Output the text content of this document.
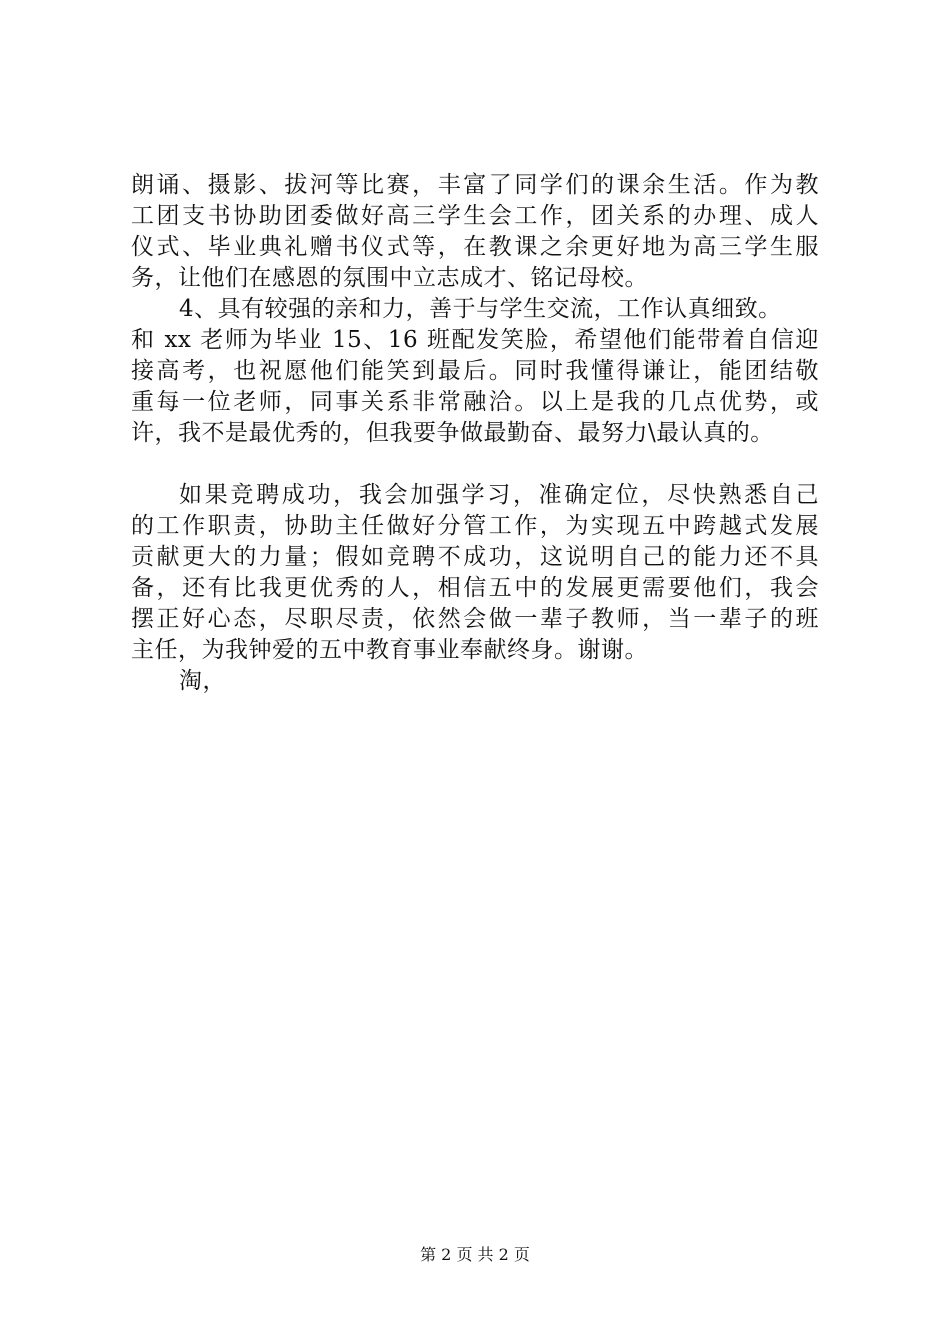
朗诵、摄影、拔河等比赛，丰富了同学们的课余生活。作为教
工团支书协助团委做好高三学生会工作，团关系的办理、成人
仪式、毕业典礼赠书仪式等，在教课之余更好地为高三学生服
务，让他们在感恩的氛围中立志成才、铭记母校。
4、具有较强的亲和力，善于与学生交流，工作认真细致。
和 xx 老师为毕业 15、16 班配发笑脸，希望他们能带着自信迎
接高考，也祝愿他们能笑到最后。同时我懂得谦让，能团结敬
重每一位老师，同事关系非常融洽。以上是我的几点优势，或
许，我不是最优秀的，但我要争做最勤奋、最努力\最认真的。
如果竞聘成功，我会加强学习，准确定位，尽快熟悉自己
的工作职责，协助主任做好分管工作，为实现五中跨越式发展
贡献更大的力量；假如竞聘不成功，这说明自己的能力还不具
备，还有比我更优秀的人，相信五中的发展更需要他们，我会
摆正好心态，尽职尽责，依然会做一辈子教师，当一辈子的班
主任，为我钟爱的五中教育事业奉献终身。谢谢。
淘，
第 2 页 共 2 页
